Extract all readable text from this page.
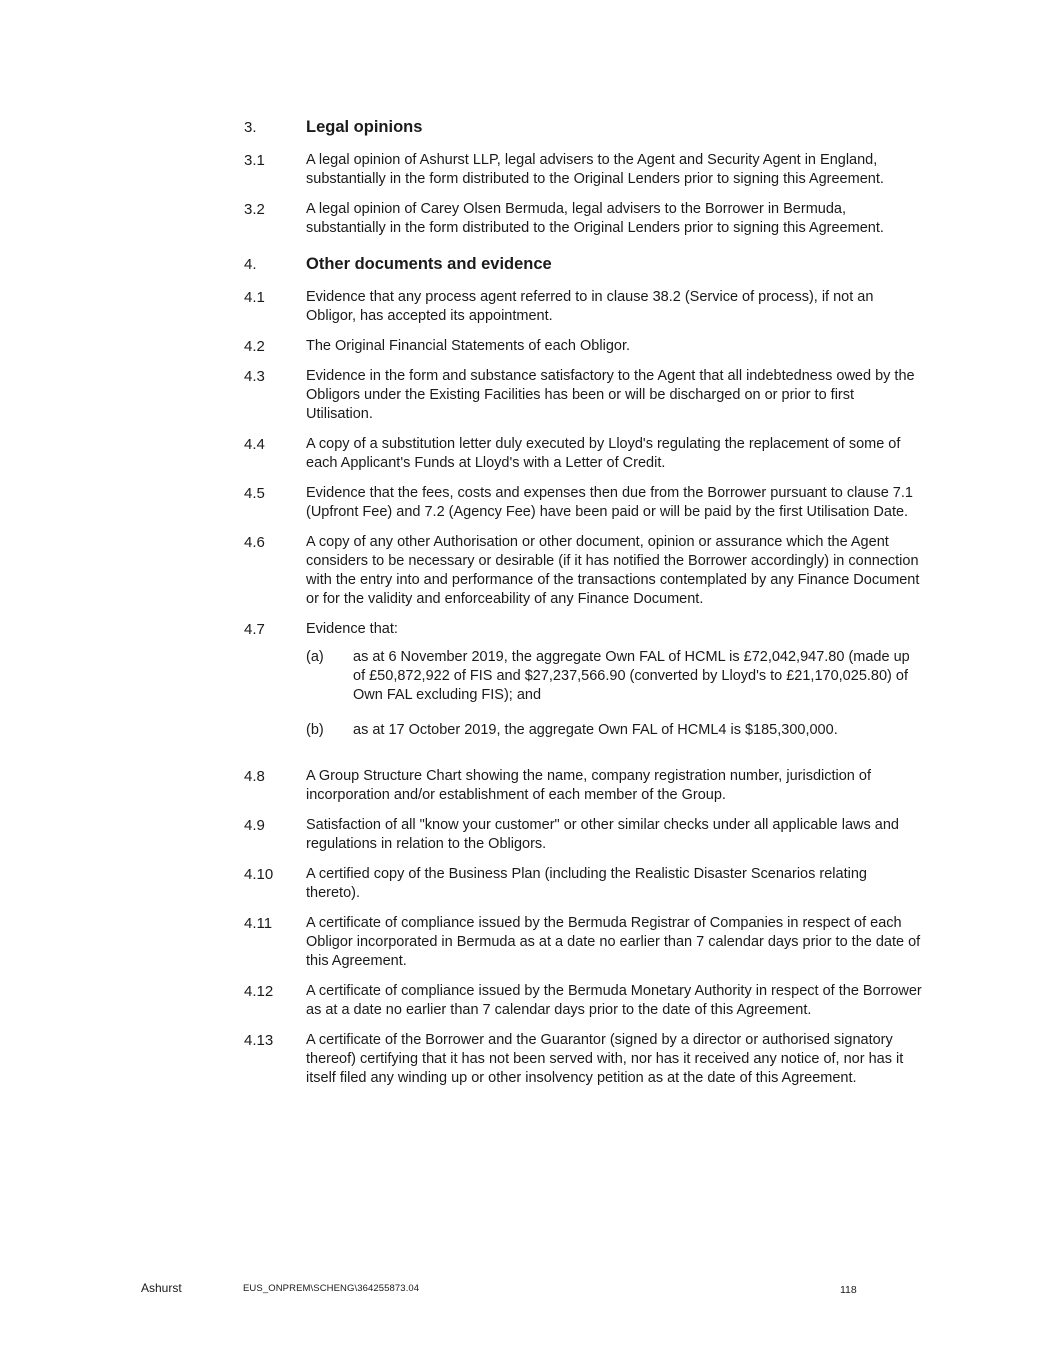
3.	Legal opinions
3.1	A legal opinion of Ashurst LLP, legal advisers to the Agent and Security Agent in England, substantially in the form distributed to the Original Lenders prior to signing this Agreement.
3.2	A legal opinion of Carey Olsen Bermuda, legal advisers to the Borrower in Bermuda, substantially in the form distributed to the Original Lenders prior to signing this Agreement.
4.	Other documents and evidence
4.1	Evidence that any process agent referred to in clause 38.2 (Service of process), if not an Obligor, has accepted its appointment.
4.2	The Original Financial Statements of each Obligor.
4.3	Evidence in the form and substance satisfactory to the Agent that all indebtedness owed by the Obligors under the Existing Facilities has been or will be discharged on or prior to first Utilisation.
4.4	A copy of a substitution letter duly executed by Lloyd's regulating the replacement of some of each Applicant's Funds at Lloyd's with a Letter of Credit.
4.5	Evidence that the fees, costs and expenses then due from the Borrower pursuant to clause 7.1 (Upfront Fee) and 7.2 (Agency Fee) have been paid or will be paid by the first Utilisation Date.
4.6	A copy of any other Authorisation or other document, opinion or assurance which the Agent considers to be necessary or desirable (if it has notified the Borrower accordingly) in connection with the entry into and performance of the transactions contemplated by any Finance Document or for the validity and enforceability of any Finance Document.
4.7	Evidence that:
(a)	as at 6 November 2019, the aggregate Own FAL of HCML is £72,042,947.80 (made up of £50,872,922 of FIS and $27,237,566.90 (converted by Lloyd's to £21,170,025.80) of Own FAL excluding FIS); and
(b)	as at 17 October 2019, the aggregate Own FAL of HCML4 is $185,300,000.
4.8	A Group Structure Chart showing the name, company registration number, jurisdiction of incorporation and/or establishment of each member of the Group.
4.9	Satisfaction of all "know your customer" or other similar checks under all applicable laws and regulations in relation to the Obligors.
4.10	A certified copy of the Business Plan (including the Realistic Disaster Scenarios relating thereto).
4.11	A certificate of compliance issued by the Bermuda Registrar of Companies in respect of each Obligor incorporated in Bermuda as at a date no earlier than 7 calendar days prior to the date of this Agreement.
4.12	A certificate of compliance issued by the Bermuda Monetary Authority in respect of the Borrower as at a date no earlier than 7 calendar days prior to the date of this Agreement.
4.13	A certificate of the Borrower and the Guarantor (signed by a director or authorised signatory thereof) certifying that it has not been served with, nor has it received any notice of, nor has it itself filed any winding up or other insolvency petition as at the date of this Agreement.
Ashurst	EUS_ONPREM\SCHENG\364255873.04	118
